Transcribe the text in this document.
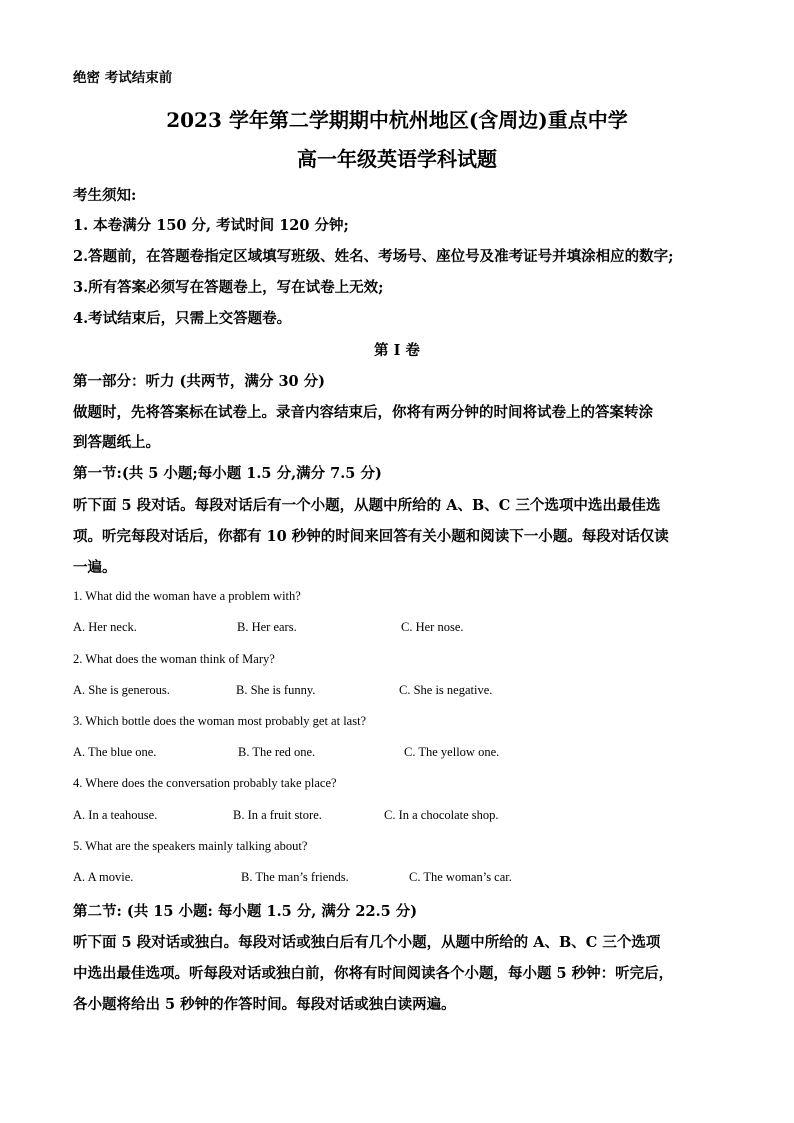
绝密 考试结束前
2023 学年第二学期期中杭州地区(含周边)重点中学
高一年级英语学科试题
考生须知:
1. 本卷满分 150 分, 考试时间 120 分钟;
2.答题前，在答题卷指定区域填写班级、姓名、考场号、座位号及准考证号并填涂相应的数字;
3.所有答案必须写在答题卷上，写在试卷上无效;
4.考试结束后，只需上交答题卷。
第 I 卷
第一部分：听力 (共两节，满分 30 分)
做题时，先将答案标在试卷上。录音内容结束后，你将有两分钟的时间将试卷上的答案转涂
到答题纸上。
第一节:(共 5 小题;每小题 1.5 分,满分 7.5 分)
听下面 5 段对话。每段对话后有一个小题，从题中所给的 A、B、C 三个选项中选出最佳选
项。听完每段对话后，你都有 10 秒钟的时间来回答有关小题和阅读下一小题。每段对话仅读
一遍。
1. What did the woman have a problem with?
A. Her neck.	B. Her ears.	C. Her nose.
2. What does the woman think of Mary?
A. She is generous.	B. She is funny.	C. She is negative.
3. Which bottle does the woman most probably get at last?
A. The blue one.	B. The red one.	C. The yellow one.
4. Where does the conversation probably take place?
A. In a teahouse.	B. In a fruit store.	C. In a chocolate shop.
5. What are the speakers mainly talking about?
A. A movie.	B. The man’s friends.	C. The woman’s car.
第二节: (共 15 小题: 每小题 1.5 分, 满分 22.5 分)
听下面 5 段对话或独白。每段对话或独白后有几个小题，从题中所给的 A、B、C 三个选项
中选出最佳选项。听每段对话或独白前，你将有时间阅读各个小题，每小题 5 秒钟：听完后，
各小题将给出 5 秒钟的作答时间。每段对话或独白读两遍。
